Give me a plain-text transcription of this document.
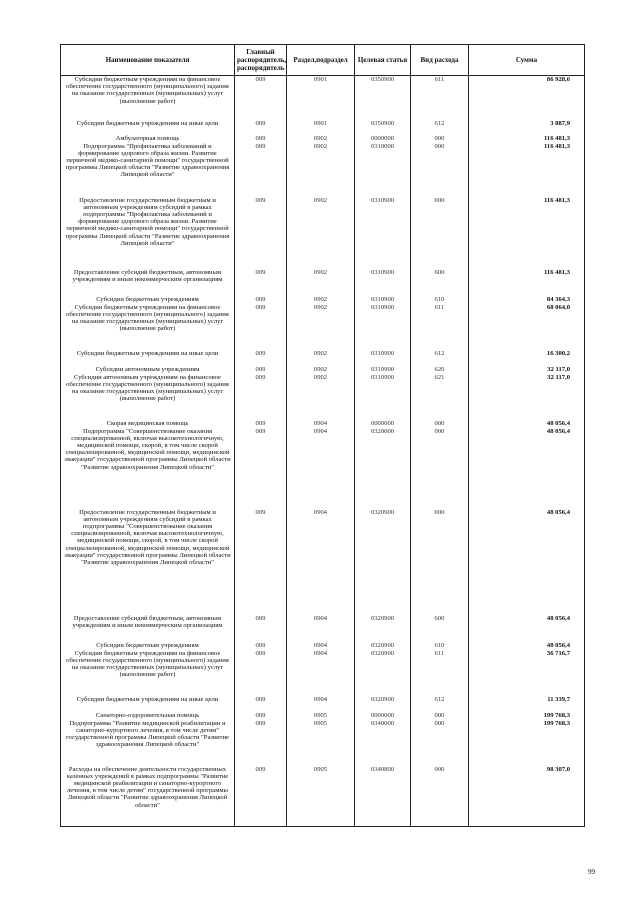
Наименование показателя	Главный распорядитель, распорядитель	Раздел,подраздел	Целевая статья	Вид расхода	Сумма
Субсидии бюджетным учреждениям на финансовое обеспечение государственного (муниципального) задания на оказание государственных (муниципальных) услуг (выполнение работ)	009	0901	0350900	611	86 928,6
Субсидии бюджетным учреждениям на иные цели	009	0901	0350900	612	3 887,9
Амбулаторная помощь	009	0902	0000000	000	116 481,3
Подпрограмма "Профилактика заболеваний и формирование здорового образа жизни. Развитие первичной медико-санитарной помощи" государственной программы Липецкой области "Развитие здравоохранения Липецкой области"	009	0902	0310000	000	116 481,3
Предоставление государственным бюджетным и автономным учреждениям субсидий в рамках подпрограммы "Профилактика заболеваний и формирование здорового образа жизни. Развитие первичной медико-санитарной помощи" государственной программы Липецкой области "Развитие здравоохранения Липецкой области"	009	0902	0310900	000	116 481,3
Предоставление субсидий бюджетным, автономным учреждениям и иным некоммерческим организациям	009	0902	0310900	600	116 481,3
Субсидии бюджетным учреждениям	009	0902	0310900	610	84 364,3
Субсидии бюджетным учреждениям на финансовое обеспечение государственного (муниципального) задания на оказание государственных (муниципальных) услуг (выполнение работ)	009	0902	0310900	611	68 064,0
Субсидии бюджетным учреждениям на иные цели	009	0902	0310900	612	16 300,2
Субсидии автономным учреждениям	009	0902	0310900	620	32 117,0
Субсидии автономным учреждениям на финансовое обеспечение государственного (муниципального) задания на оказание государственных (муниципальных) услуг (выполнение работ)	009	0902	0310900	621	32 117,0
Скорая медицинская помощь	009	0904	0000000	000	48 056,4
Подпрограмма "Совершенствование оказания специализированной, включая высокотехнологичную, медицинской помощи, скорой, в том числе скорой специализированной, медицинской помощи, медицинской эвакуации" государственной программы Липецкой области "Развитие здравоохранения Липецкой области"	009	0904	0320000	000	48 056,4
Предоставление государственным бюджетным и автономным учреждениям субсидий в рамках подпрограммы "Совершенствование оказания специализированной, включая высокотехнологичную, медицинской помощи, скорой, в том числе скорой специализированной, медицинской помощи, медицинской эвакуации" государственной программы Липецкой области "Развитие здравоохранения Липецкой области"	009	0904	0320900	000	48 056,4
Предоставление субсидий бюджетным, автономным учреждениям и иным некоммерческим организациям	009	0904	0320900	600	48 056,4
Субсидии бюджетным учреждениям	009	0904	0320900	610	48 056,4
Субсидии бюджетным учреждениям на финансовое обеспечение государственного (муниципального) задания на оказание государственных (муниципальных) услуг (выполнение работ)	009	0904	0320900	611	36 716,7
Субсидии бюджетным учреждениям на иные цели	009	0904	0320900	612	11 339,7
Санаторно-оздоровительная помощь	009	0905	0000000	000	199 768,3
Подпрограмма "Развитие медицинской реабилитации и санаторно-курортного лечения, в том числе детям" государственной программы Липецкой области "Развитие здравоохранения Липецкой области"	009	0905	0340000	000	199 768,3
Расходы на обеспечение деятельности государственных казенных учреждений в рамках подпрограммы "Развитие медицинской реабилитации и санаторно-курортного лечения, в том числе детям" государственной программы Липецкой области "Развитие здравоохранения Липецкой области"	009	0905	0340800	000	98 307,0
99
